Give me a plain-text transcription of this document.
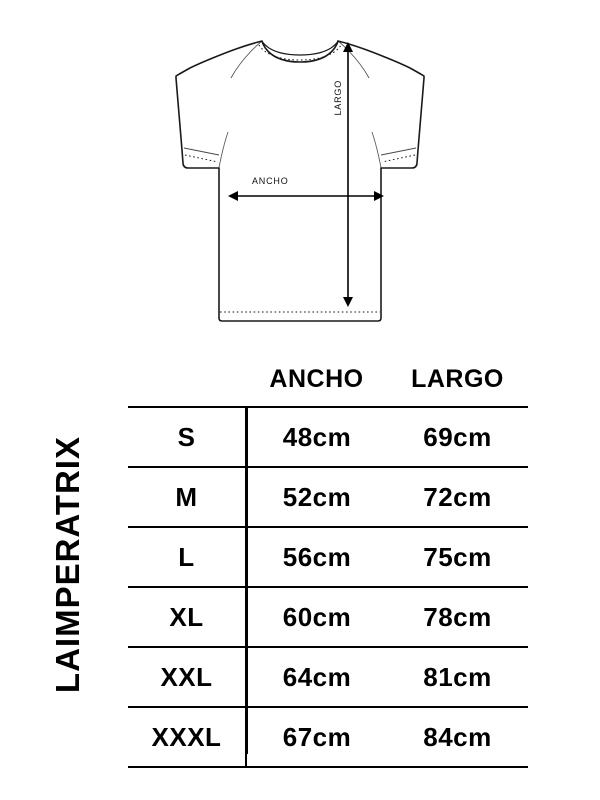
ANCHO
LARGO
LAIMPERATRIX
	ANCHO	LARGO
S	48cm	69cm
M	52cm	72cm
L	56cm	75cm
XL	60cm	78cm
XXL	64cm	81cm
XXXL	67cm	84cm
